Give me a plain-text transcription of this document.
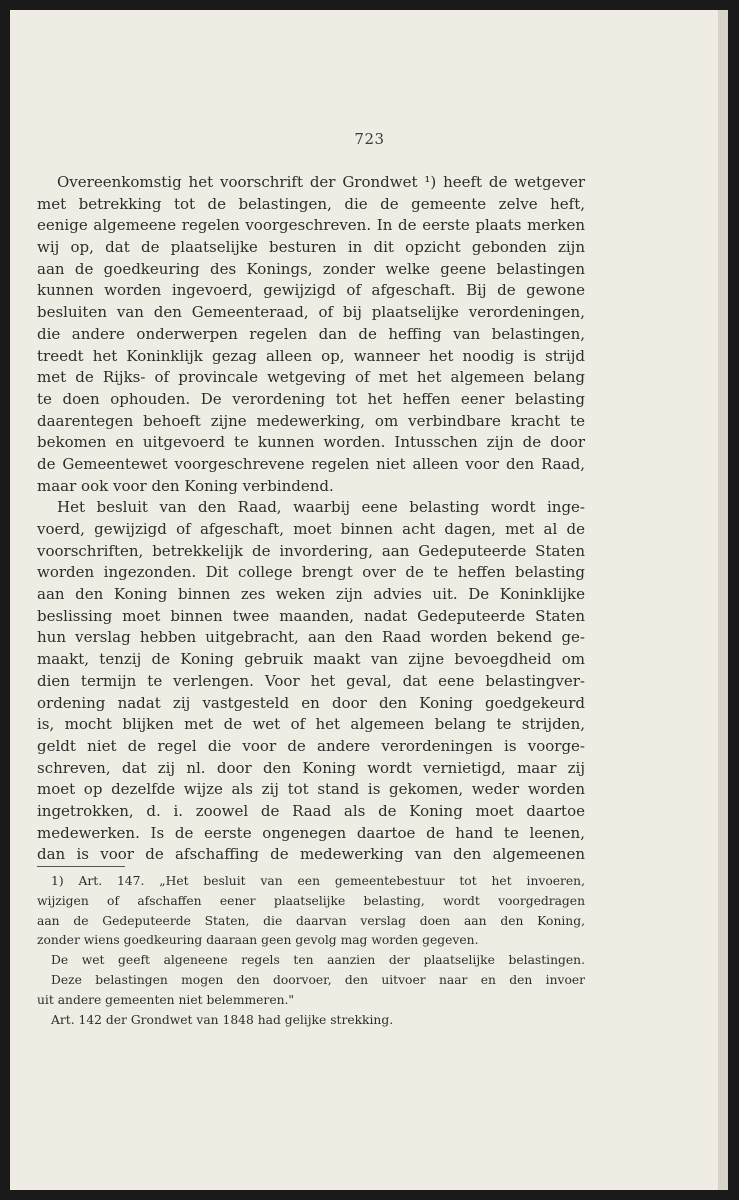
723
Overeenkomstig het voorschrift der Grondwet ¹) heeft de wetgever
met betrekking tot de belastingen, die de gemeente zelve heft,
eenige algemeene regelen voorgeschreven. In de eerste plaats merken
wij op, dat de plaatselijke besturen in dit opzicht gebonden zijn
aan de goedkeuring des Konings, zonder welke geene belastingen
kunnen worden ingevoerd, gewijzigd of afgeschaft. Bij de gewone
besluiten van den Gemeenteraad, of bij plaatselijke verordeningen,
die andere onderwerpen regelen dan de heffing van belastingen,
treedt het Koninklijk gezag alleen op, wanneer het noodig is strijd
met de Rijks- of provincale wetgeving of met het algemeen belang
te doen ophouden. De verordening tot het heffen eener belasting
daarentegen behoeft zijne medewerking, om verbindbare kracht te
bekomen en uitgevoerd te kunnen worden. Intusschen zijn de door
de Gemeentewet voorgeschrevene regelen niet alleen voor den Raad,
maar ook voor den Koning verbindend.
Het besluit van den Raad, waarbij eene belasting wordt inge-
voerd, gewijzigd of afgeschaft, moet binnen acht dagen, met al de
voorschriften, betrekkelijk de invordering, aan Gedeputeerde Staten
worden ingezonden. Dit college brengt over de te heffen belasting
aan den Koning binnen zes weken zijn advies uit. De Koninklijke
beslissing moet binnen twee maanden, nadat Gedeputeerde Staten
hun verslag hebben uitgebracht, aan den Raad worden bekend ge-
maakt, tenzij de Koning gebruik maakt van zijne bevoegdheid om
dien termijn te verlengen. Voor het geval, dat eene belastingver-
ordening nadat zij vastgesteld en door den Koning goedgekeurd
is, mocht blijken met de wet of het algemeen belang te strijden,
geldt niet de regel die voor de andere verordeningen is voorge-
schreven, dat zij nl. door den Koning wordt vernietigd, maar zij
moet op dezelfde wijze als zij tot stand is gekomen, weder worden
ingetrokken, d. i. zoowel de Raad als de Koning moet daartoe
medewerken. Is de eerste ongenegen daartoe de hand te leenen,
dan is voor de afschaffing de medewerking van den algemeenen
1) Art. 147. „Het besluit van een gemeentebestuur tot het invoeren,
wijzigen of afschaffen eener plaatselijke belasting, wordt voorgedragen
aan de Gedeputeerde Staten, die daarvan verslag doen aan den Koning,
zonder wiens goedkeuring daaraan geen gevolg mag worden gegeven.
De wet geeft algeneene regels ten aanzien der plaatselijke belastingen.
Deze belastingen mogen den doorvoer, den uitvoer naar en den invoer
uit andere gemeenten niet belemmeren."
Art. 142 der Grondwet van 1848 had gelijke strekking.
